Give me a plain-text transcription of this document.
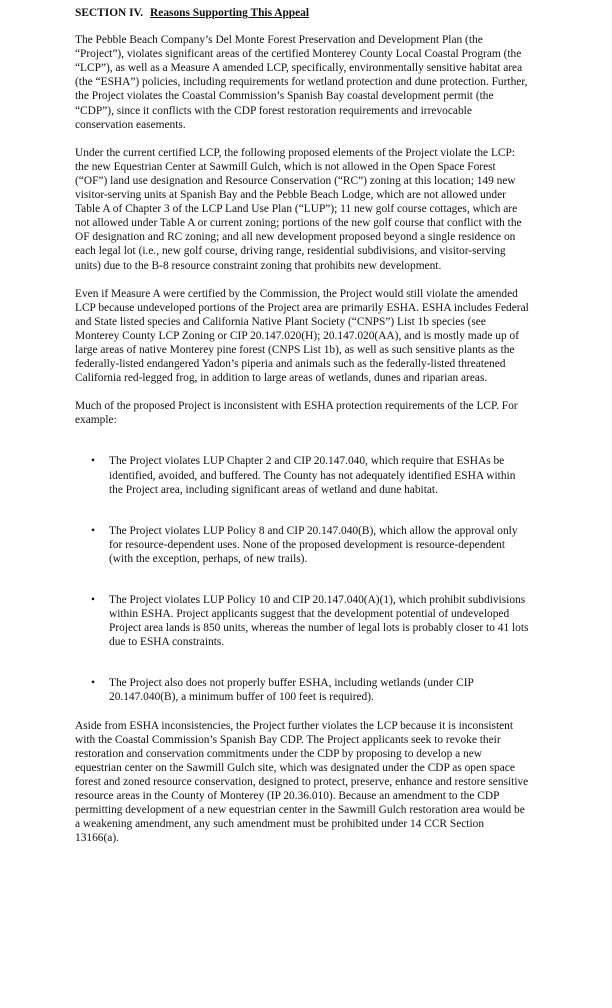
SECTION IV. Reasons Supporting This Appeal

The Pebble Beach Company’s Del Monte Forest Preservation and Development Plan (the “Project”), violates significant areas of the certified Monterey County Local Coastal Program (the “LCP”), as well as a Measure A amended LCP, specifically, environmentally sensitive habitat area (the “ESHA”) policies, including requirements for wetland protection and dune protection. Further, the Project violates the Coastal Commission’s Spanish Bay coastal development permit (the “CDP”), since it conflicts with the CDP forest restoration requirements and irrevocable conservation easements.

Under the current certified LCP, the following proposed elements of the Project violate the LCP: the new Equestrian Center at Sawmill Gulch, which is not allowed in the Open Space Forest (“OF”) land use designation and Resource Conservation (“RC”) zoning at this location; 149 new visitor-serving units at Spanish Bay and the Pebble Beach Lodge, which are not allowed under Table A of Chapter 3 of the LCP Land Use Plan (“LUP”); 11 new golf course cottages, which are not allowed under Table A or current zoning; portions of the new golf course that conflict with the OF designation and RC zoning; and all new development proposed beyond a single residence on each legal lot (i.e., new golf course, driving range, residential subdivisions, and visitor-serving units) due to the B-8 resource constraint zoning that prohibits new development.

Even if Measure A were certified by the Commission, the Project would still violate the amended LCP because undeveloped portions of the Project area are primarily ESHA. ESHA includes Federal and State listed species and California Native Plant Society (“CNPS”) List 1b species (see Monterey County LCP Zoning or CIP 20.147.020(H); 20.147.020(AA), and is mostly made up of large areas of native Monterey pine forest (CNPS List 1b), as well as such sensitive plants as the federally-listed endangered Yadon’s piperia and animals such as the federally-listed threatened California red-legged frog, in addition to large areas of wetlands, dunes and riparian areas.

Much of the proposed Project is inconsistent with ESHA protection requirements of the LCP. For example:

• The Project violates LUP Chapter 2 and CIP 20.147.040, which require that ESHAs be identified, avoided, and buffered. The County has not adequately identified ESHA within the Project area, including significant areas of wetland and dune habitat.
• The Project violates LUP Policy 8 and CIP 20.147.040(B), which allow the approval only for resource-dependent uses. None of the proposed development is resource-dependent (with the exception, perhaps, of new trails).
• The Project violates LUP Policy 10 and CIP 20.147.040(A)(1), which prohibit subdivisions within ESHA. Project applicants suggest that the development potential of undeveloped Project area lands is 850 units, whereas the number of legal lots is probably closer to 41 lots due to ESHA constraints.
• The Project also does not properly buffer ESHA, including wetlands (under CIP 20.147.040(B), a minimum buffer of 100 feet is required).

Aside from ESHA inconsistencies, the Project further violates the LCP because it is inconsistent with the Coastal Commission’s Spanish Bay CDP. The Project applicants seek to revoke their restoration and conservation commitments under the CDP by proposing to develop a new equestrian center on the Sawmill Gulch site, which was designated under the CDP as open space forest and zoned resource conservation, designed to protect, preserve, enhance and restore sensitive resource areas in the County of Monterey (IP 20.36.010). Because an amendment to the CDP permitting development of a new equestrian center in the Sawmill Gulch restoration area would be a weakening amendment, any such amendment must be prohibited under 14 CCR Section 13166(a).
